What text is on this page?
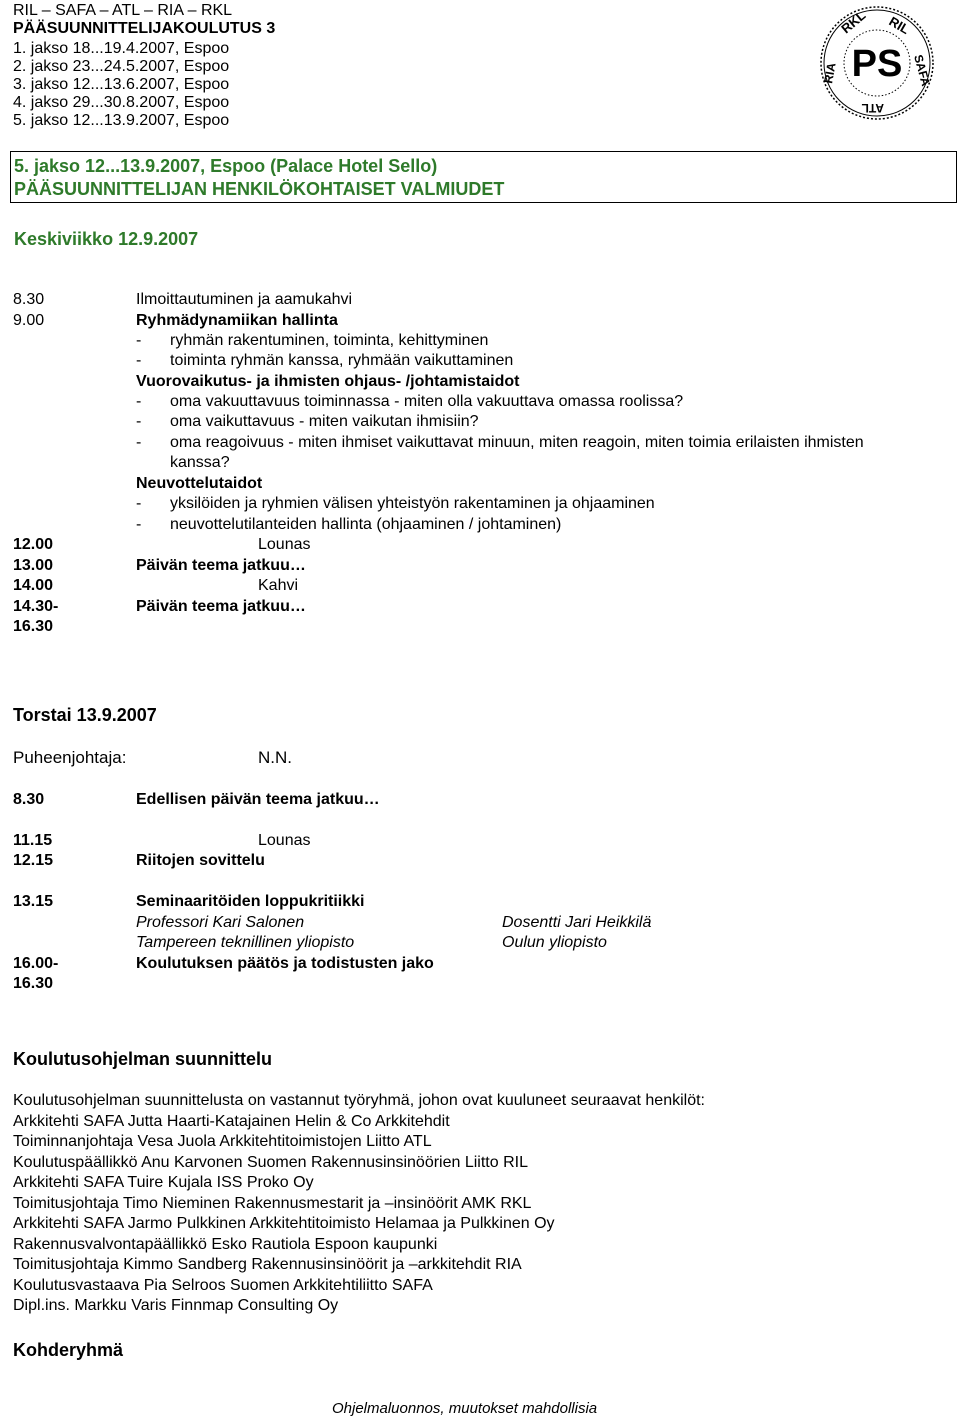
RIL – SAFA – ATL – RIA – RKL
PÄÄSUUNNITTELIJAKOULUTUS 3
1. jakso 18...19.4.2007, Espoo
2. jakso 23...24.5.2007, Espoo
3. jakso 12...13.6.2007, Espoo
4. jakso 29...30.8.2007, Espoo
5. jakso 12...13.9.2007, Espoo
PS
RKL RIL
SAFA
ATL
RIA
5. jakso 12...13.9.2007, Espoo (Palace Hotel Sello)
PÄÄSUUNNITTELIJAN HENKILÖKOHTAISET VALMIUDET
Keskiviikko 12.9.2007
8.30	Ilmoittautuminen ja aamukahvi
9.00	Ryhmädynamiikan hallinta
- ryhmän rakentuminen, toiminta, kehittyminen
- toiminta ryhmän kanssa, ryhmään vaikuttaminen
Vuorovaikutus- ja ihmisten ohjaus- /johtamistaidot
- oma vakuuttavuus toiminnassa - miten olla vakuuttava omassa roolissa?
- oma vaikuttavuus - miten vaikutan ihmisiin?
- oma reagoivuus - miten ihmiset vaikuttavat minuun, miten reagoin, miten toimia erilaisten ihmisten
kanssa?
Neuvottelutaidot
- yksilöiden ja ryhmien välisen yhteistyön rakentaminen ja ohjaaminen
- neuvottelutilanteiden hallinta (ohjaaminen / johtaminen)
12.00	Lounas
13.00	Päivän teema jatkuu…
14.00	Kahvi
14.30-	Päivän teema jatkuu…
16.30
Torstai 13.9.2007
Puheenjohtaja:	N.N.
8.30	Edellisen päivän teema jatkuu…
11.15	Lounas
12.15	Riitojen sovittelu
13.15	Seminaaritöiden loppukritiikki
Professori Kari Salonen	Dosentti Jari Heikkilä
Tampereen teknillinen yliopisto	Oulun yliopisto
16.00-	Koulutuksen päätös ja todistusten jako
16.30
Koulutusohjelman suunnittelu
Koulutusohjelman suunnittelusta on vastannut työryhmä, johon ovat kuuluneet seuraavat henkilöt:
Arkkitehti SAFA Jutta Haarti-Katajainen Helin & Co Arkkitehdit
Toiminnanjohtaja Vesa Juola Arkkitehtitoimistojen Liitto ATL
Koulutuspäällikkö Anu Karvonen Suomen Rakennusinsinöörien Liitto RIL
Arkkitehti SAFA Tuire Kujala ISS Proko Oy
Toimitusjohtaja Timo Nieminen Rakennusmestarit ja –insinöörit AMK RKL
Arkkitehti SAFA Jarmo Pulkkinen Arkkitehtitoimisto Helamaa ja Pulkkinen Oy
Rakennusvalvontapäällikkö Esko Rautiola Espoon kaupunki
Toimitusjohtaja Kimmo Sandberg Rakennusinsinöörit ja –arkkitehdit RIA
Koulutusvastaava Pia Selroos Suomen Arkkitehtiliitto SAFA
Dipl.ins. Markku Varis Finnmap Consulting Oy
Kohderyhmä
Ohjelmaluonnos, muutokset mahdollisia
